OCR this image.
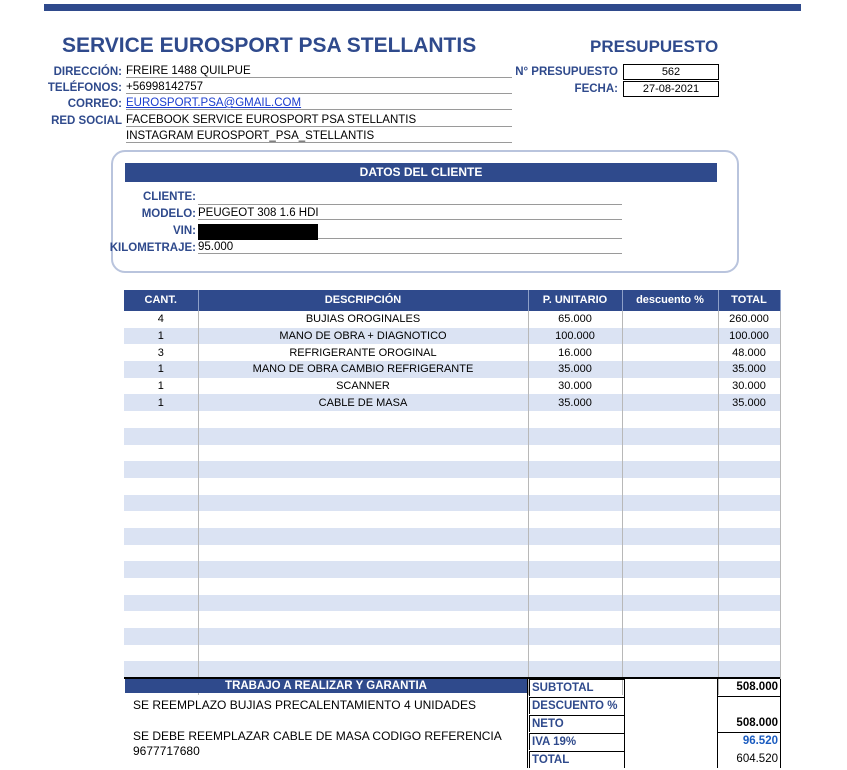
SERVICE EUROSPORT PSA STELLANTIS	PRESUPUESTO
DIRECCIÓN: FREIRE 1488 QUILPUE
TELÉFONOS: +56998142757
CORREO: EUROSPORT.PSA@GMAIL.COM
RED SOCIAL FACEBOOK SERVICE EUROSPORT PSA STELLANTIS
INSTAGRAM EUROSPORT_PSA_STELLANTIS
N° PRESUPUESTO	562
FECHA:	27-08-2021
DATOS DEL CLIENTE
CLIENTE:
MODELO: PEUGEOT 308 1.6 HDI
VIN:
KILOMETRAJE: 95.000
CANT.	DESCRIPCIÓN	P. UNITARIO	descuento %	TOTAL
4	BUJIAS OROGINALES	65.000		260.000
1	MANO DE OBRA + DIAGNOTICO	100.000		100.000
3	REFRIGERANTE OROGINAL	16.000		48.000
1	MANO DE OBRA CAMBIO REFRIGERANTE	35.000		35.000
1	SCANNER	30.000		30.000
1	CABLE DE MASA	35.000		35.000

TRABAJO A REALIZAR Y GARANTIA
SE REEMPLAZO BUJIAS PRECALENTAMIENTO 4 UNIDADES
SE DEBE REEMPLAZAR CABLE DE MASA CODIGO REFERENCIA 9677717680
SUBTOTAL	508.000
DESCUENTO %
NETO	508.000
IVA 19%	96.520
TOTAL	604.520
